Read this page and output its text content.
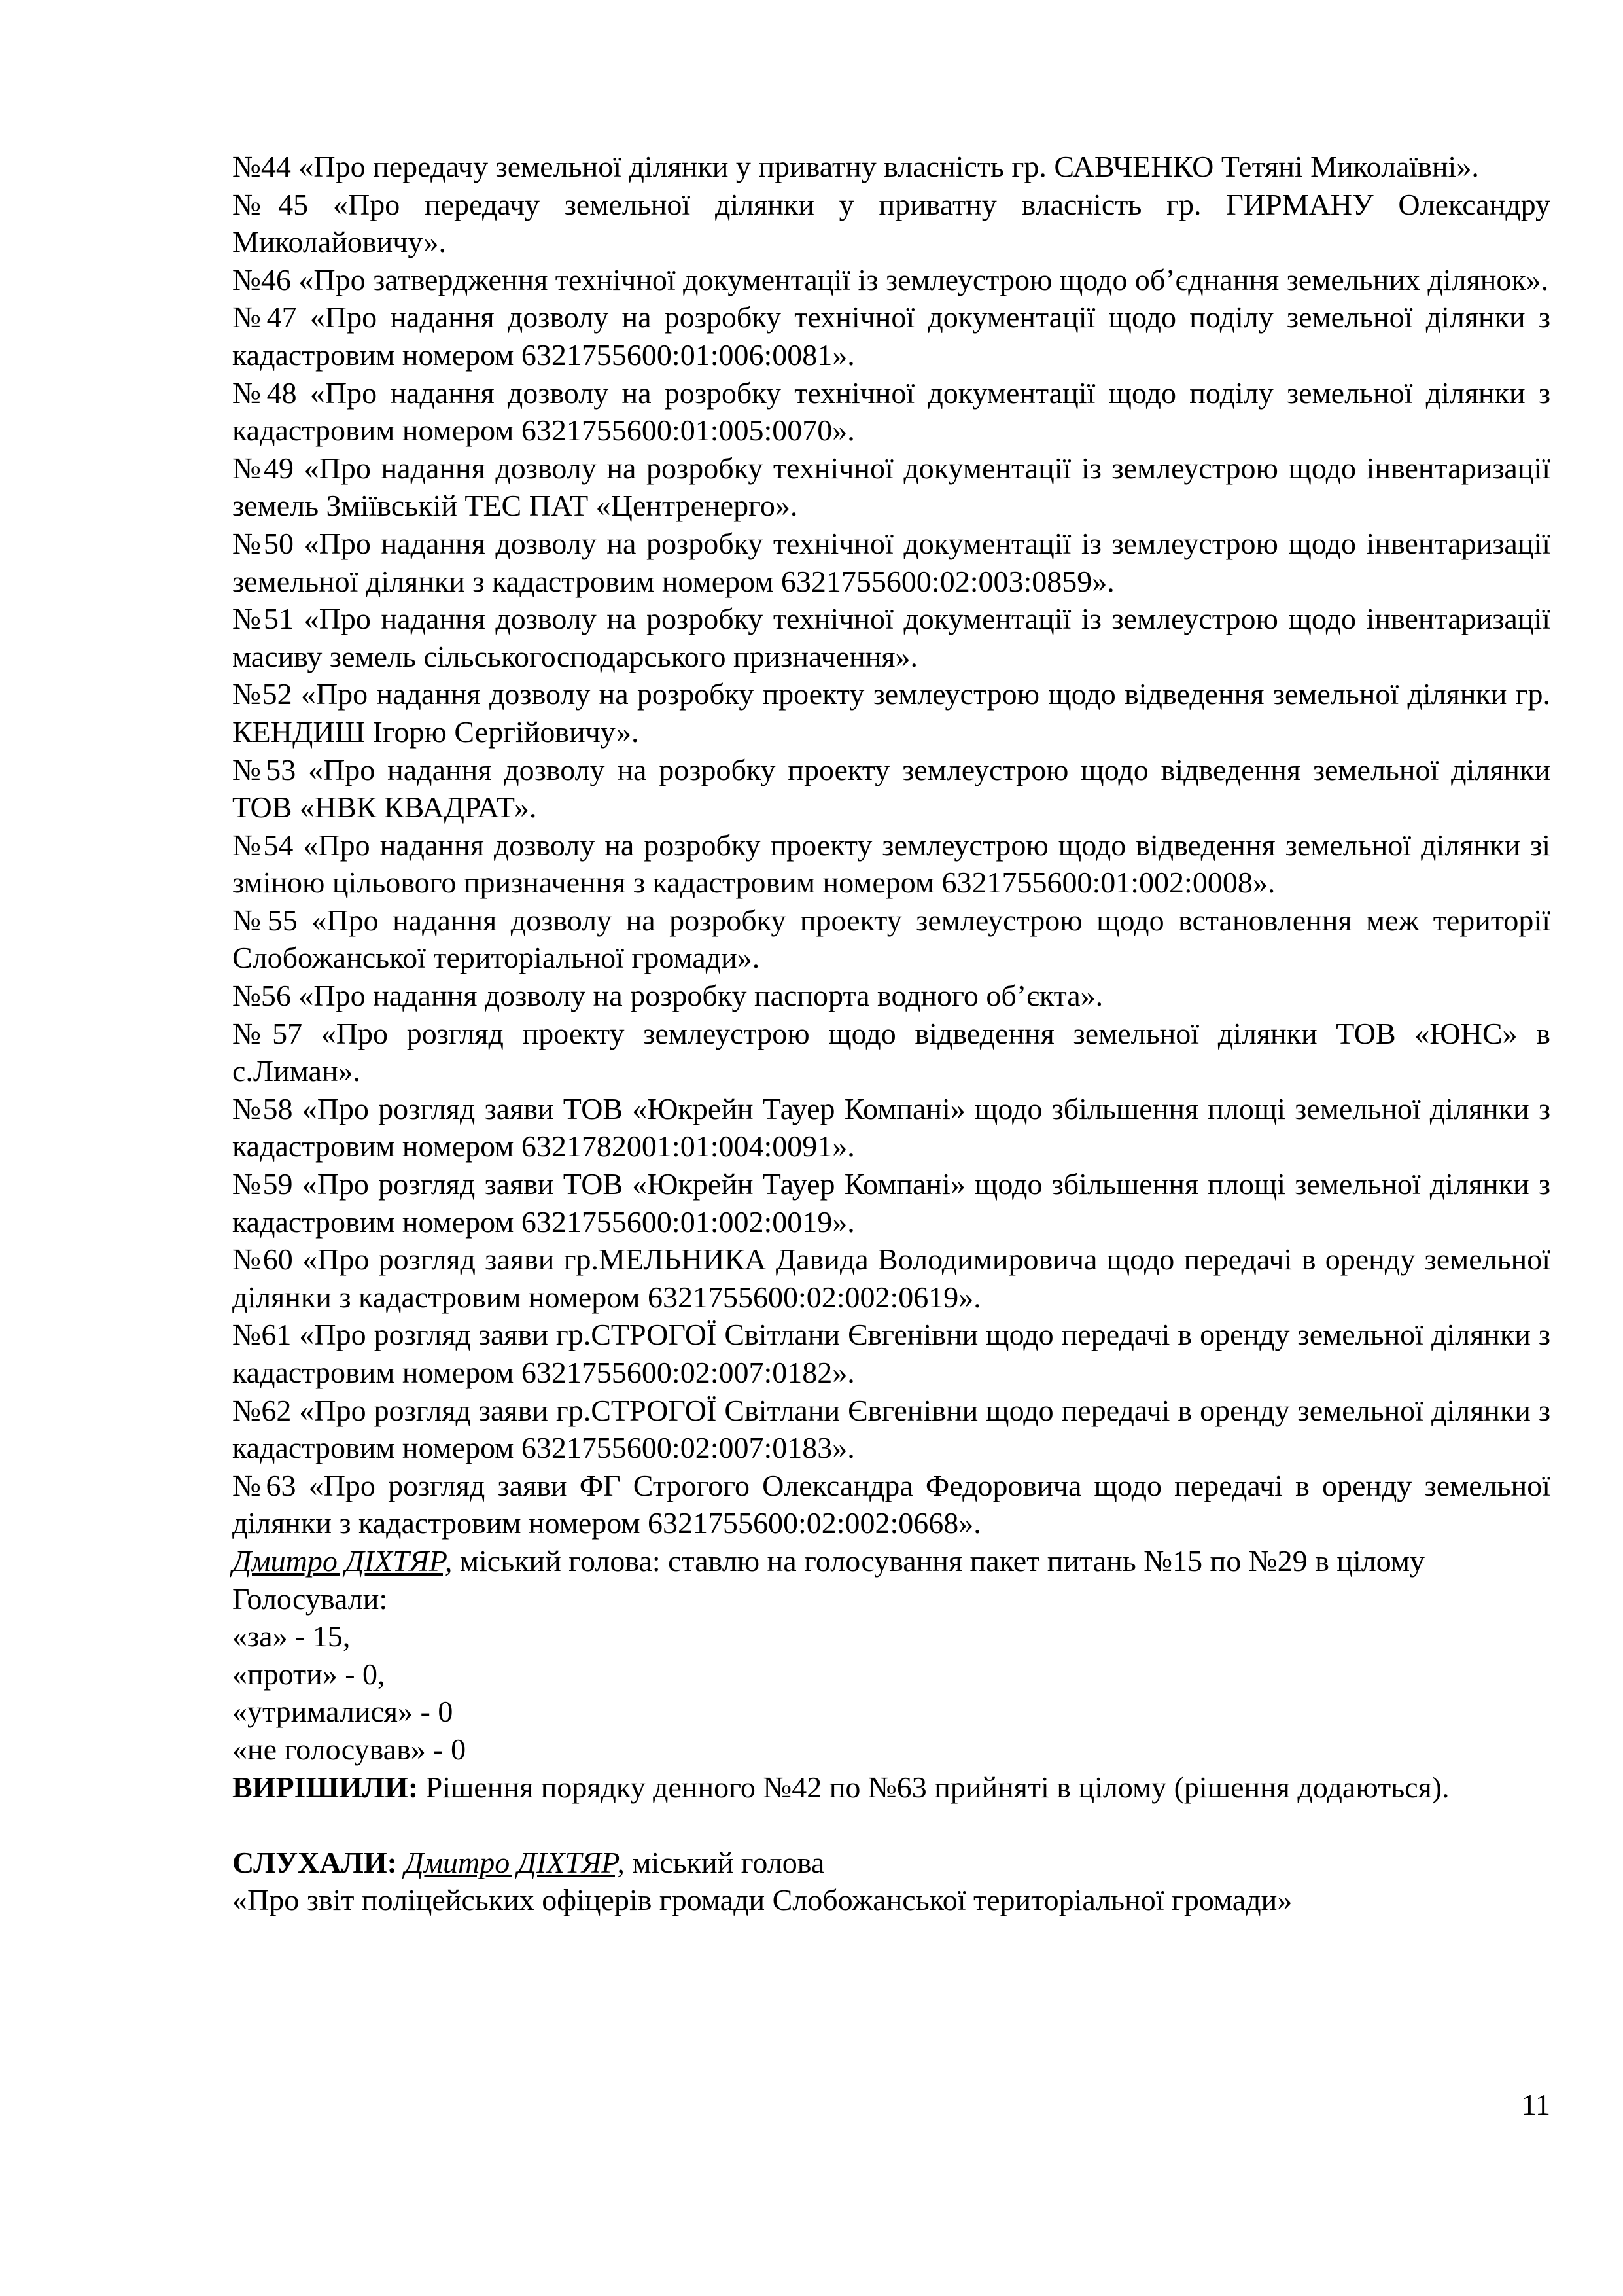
№44 «Про передачу земельної ділянки у приватну власність гр. САВЧЕНКО Тетяні Миколаївні».

№45 «Про передачу земельної ділянки у приватну власність гр. ГИРМАНУ Олександру Миколайовичу».

№46 «Про затвердження технічної документації із землеустрою щодо об’єднання земельних ділянок».

№47 «Про надання дозволу на розробку технічної документації щодо поділу земельної ділянки з кадастровим номером 6321755600:01:006:0081».

№48 «Про надання дозволу на розробку технічної документації щодо поділу земельної ділянки з кадастровим номером 6321755600:01:005:0070».

№49 «Про надання дозволу на розробку технічної документації із землеустрою щодо інвентаризації земель Зміївській ТЕС ПАТ «Центренерго».

№50 «Про надання дозволу на розробку технічної документації із землеустрою щодо інвентаризації земельної ділянки з кадастровим номером 6321755600:02:003:0859».

№51 «Про надання дозволу на розробку технічної документації із землеустрою щодо інвентаризації масиву земель сільськогосподарського призначення».

№52 «Про надання дозволу на розробку проекту землеустрою щодо відведення земельної ділянки гр. КЕНДИШ Ігорю Сергійовичу».

№53 «Про надання дозволу на розробку проекту землеустрою щодо відведення земельної ділянки ТОВ «НВК КВАДРАТ».

№54 «Про надання дозволу на розробку проекту землеустрою щодо відведення земельної ділянки зі зміною цільового призначення з кадастровим номером 6321755600:01:002:0008».

№55 «Про надання дозволу на розробку проекту землеустрою щодо встановлення меж території Слобожанської територіальної громади».

№56 «Про надання дозволу на розробку паспорта водного об’єкта».

№57 «Про розгляд проекту землеустрою щодо відведення земельної ділянки ТОВ «ЮНС» в с.Лиман».

№58 «Про розгляд заяви ТОВ «Юкрейн Тауер Компані» щодо збільшення площі земельної ділянки з кадастровим номером 6321782001:01:004:0091».

№59 «Про розгляд заяви ТОВ «Юкрейн Тауер Компані» щодо збільшення площі земельної ділянки з кадастровим номером 6321755600:01:002:0019».

№60 «Про розгляд заяви гр.МЕЛЬНИКА Давида Володимировича щодо передачі в оренду земельної ділянки з кадастровим номером 6321755600:02:002:0619».

№61 «Про розгляд заяви гр.СТРОГОЇ Світлани Євгенівни щодо передачі в оренду земельної ділянки з кадастровим номером 6321755600:02:007:0182».

№62 «Про розгляд заяви гр.СТРОГОЇ Світлани Євгенівни щодо передачі в оренду земельної ділянки з кадастровим номером 6321755600:02:007:0183».

№63 «Про розгляд заяви ФГ Строгого Олександра Федоровича щодо передачі в оренду земельної ділянки з кадастровим номером 6321755600:02:002:0668».

Дмитро ДІХТЯР, міський голова: ставлю на голосування пакет питань №15 по №29 в цілому

Голосували:

«за» - 15,

«проти» - 0,

«утрималися» - 0

«не голосував» - 0

ВИРІШИЛИ: Рішення порядку денного №42 по №63 прийняті в цілому (рішення додаються).

СЛУХАЛИ: Дмитро ДІХТЯР, міський голова

«Про звіт поліцейських офіцерів громади Слобожанської територіальної громади»

11
